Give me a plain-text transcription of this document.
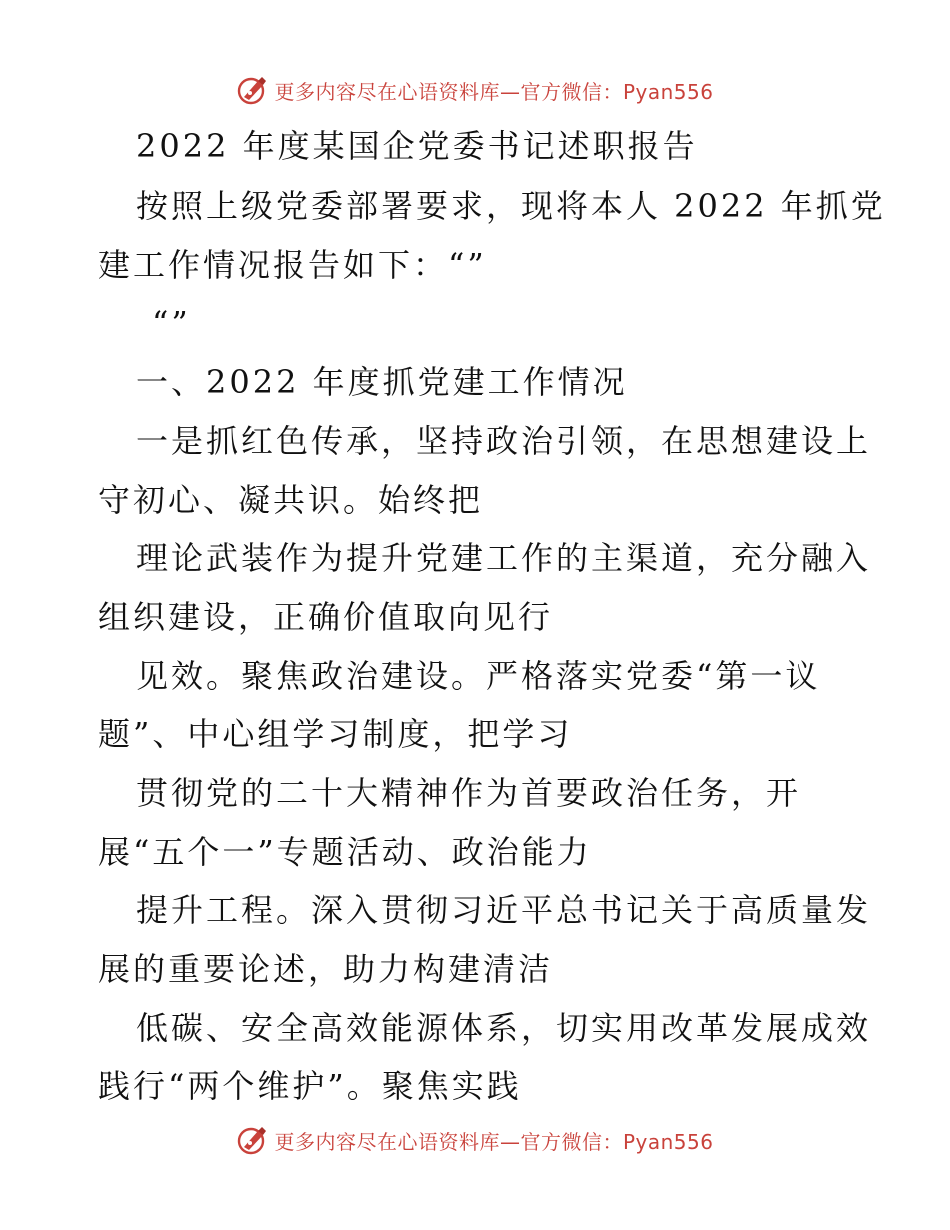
更多内容尽在心语资料库—官方微信：Pyan556
2022 年度某国企党委书记述职报告
按照上级党委部署要求，现将本人 2022 年抓党
建工作情况报告如下：“”
“”
一、2022 年度抓党建工作情况
一是抓红色传承，坚持政治引领，在思想建设上
守初心、凝共识。始终把
理论武装作为提升党建工作的主渠道，充分融入
组织建设，正确价值取向见行
见效。聚焦政治建设。严格落实党委“第一议
题”、中心组学习制度，把学习
贯彻党的二十大精神作为首要政治任务，开
展“五个一”专题活动、政治能力
提升工程。深入贯彻习近平总书记关于高质量发
展的重要论述，助力构建清洁
低碳、安全高效能源体系，切实用改革发展成效
践行“两个维护”。聚焦实践
更多内容尽在心语资料库—官方微信：Pyan556
